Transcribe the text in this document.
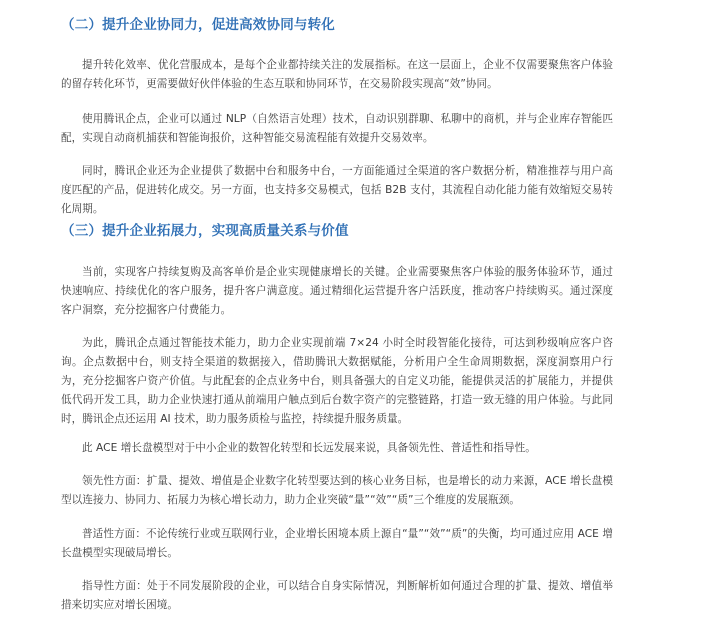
（二）提升企业协同力，促进高效协同与转化

提升转化效率、优化营服成本，是每个企业都持续关注的发展指标。在这一层面上，企业不仅需要聚焦客户体验的留存转化环节，更需要做好伙伴体验的生态互联和协同环节，在交易阶段实现高“效”协同。

使用腾讯企点，企业可以通过 NLP（自然语言处理）技术，自动识别群聊、私聊中的商机，并与企业库存智能匹配，实现自动商机捕获和智能询报价，这种智能交易流程能有效提升交易效率。

同时，腾讯企业还为企业提供了数据中台和服务中台，一方面能通过全渠道的客户数据分析，精准推荐与用户高度匹配的产品，促进转化成交。另一方面，也支持多交易模式，包括 B2B 支付，其流程自动化能力能有效缩短交易转化周期。

（三）提升企业拓展力，实现高质量关系与价值

当前，实现客户持续复购及高客单价是企业实现健康增长的关键。企业需要聚焦客户体验的服务体验环节，通过快速响应、持续优化的客户服务，提升客户满意度。通过精细化运营提升客户活跃度，推动客户持续购买。通过深度客户洞察，充分挖掘客户付费能力。

为此，腾讯企点通过智能技术能力，助力企业实现前端 7×24 小时全时段智能化接待，可达到秒级响应客户咨询。企点数据中台，则支持全渠道的数据接入，借助腾讯大数据赋能，分析用户全生命周期数据，深度洞察用户行为，充分挖掘客户资产价值。与此配套的企点业务中台，则具备强大的自定义功能，能提供灵活的扩展能力，并提供低代码开发工具，助力企业快速打通从前端用户触点到后台数字资产的完整链路，打造一致无缝的用户体验。与此同时，腾讯企点还运用 AI 技术，助力服务质检与监控，持续提升服务质量。

此 ACE 增长盘模型对于中小企业的数智化转型和长远发展来说，具备领先性、普适性和指导性。

领先性方面：扩量、提效、增值是企业数字化转型要达到的核心业务目标，也是增长的动力来源，ACE 增长盘模型以连接力、协同力、拓展力为核心增长动力，助力企业突破“量”“效”“质”三个维度的发展瓶颈。

普适性方面：不论传统行业或互联网行业，企业增长困境本质上源自“量”“效”“质”的失衡，均可通过应用 ACE 增长盘模型实现破局增长。

指导性方面：处于不同发展阶段的企业，可以结合自身实际情况，判断解析如何通过合理的扩量、提效、增值举措来切实应对增长困境。
